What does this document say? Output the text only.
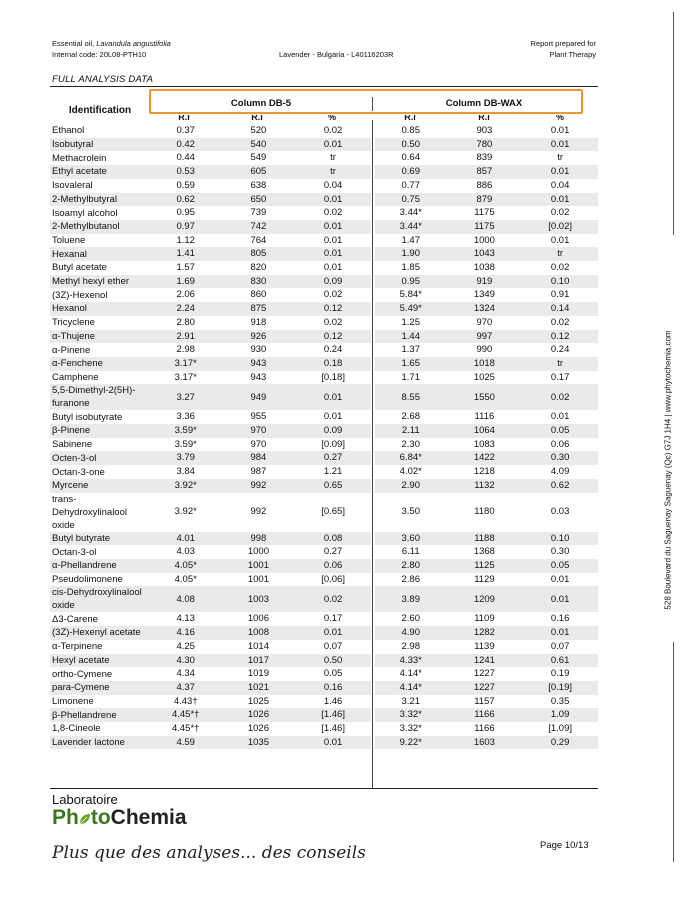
Essential oil, Lavandula angustifolia
Internal code: 20L08-PTH10	Lavender - Bulgaria - L40116203R
Report prepared for
Plant Therapy
FULL ANALYSIS DATA
Identification
Column DB-5	Column DB-WAX
R.I	R.I	%	R.I	R.I	%
Ethanol	0.37	520	0.02		0.85	903	0.01
Isobutyral	0.42	540	0.01		0.50	780	0.01
Methacrolein	0.44	549	tr		0.64	839	tr
Ethyl acetate	0.53	605	tr		0.69	857	0.01
Isovaleral	0.59	638	0.04		0.77	886	0.04
2-Methylbutyral	0.62	650	0.01		0.75	879	0.01
Isoamyl alcohol	0.95	739	0.02		3.44*	1175	0.02
2-Methylbutanol	0.97	742	0.01		3.44*	1175	[0.02]
Toluene	1.12	764	0.01		1.47	1000	0.01
Hexanal	1.41	805	0.01		1.90	1043	tr
Butyl acetate	1.57	820	0.01		1.85	1038	0.02
Methyl hexyl ether	1.69	830	0.09		0.95	919	0.10
(3Z)-Hexenol	2.06	860	0.02		5.84*	1349	0.91
Hexanol	2.24	875	0.12		5.49*	1324	0.14
Tricyclene	2.80	918	0.02		1.25	970	0.02
α-Thujene	2.91	926	0.12		1.44	997	0.12
α-Pinene	2.98	930	0.24		1.37	990	0.24
α-Fenchene	3.17*	943	0.18		1.65	1018	tr
Camphene	3.17*	943	[0.18]		1.71	1025	0.17
5,5-Dimethyl-2(5H)-furanone	3.27	949	0.01		8.55	1550	0.02
Butyl isobutyrate	3.36	955	0.01		2.68	1116	0.01
β-Pinene	3.59*	970	0.09		2.11	1064	0.05
Sabinene	3.59*	970	[0.09]		2.30	1083	0.06
Octen-3-ol	3.79	984	0.27		6.84*	1422	0.30
Octan-3-one	3.84	987	1.21		4.02*	1218	4.09
Myrcene	3.92*	992	0.65		2.90	1132	0.62
trans-Dehydroxylinalool oxide	3.92*	992	[0.65]		3.50	1180	0.03
Butyl butyrate	4.01	998	0.08		3.60	1188	0.10
Octan-3-ol	4.03	1000	0.27		6.11	1368	0.30
α-Phellandrene	4.05*	1001	0.06		2.80	1125	0.05
Pseudolimonene	4.05*	1001	[0.06]		2.86	1129	0.01
cis-Dehydroxylinalool oxide	4.08	1003	0.02		3.89	1209	0.01
Δ3-Carene	4.13	1006	0.17		2.60	1109	0.16
(3Z)-Hexenyl acetate	4.16	1008	0.01		4.90	1282	0.01
α-Terpinene	4.25	1014	0.07		2.98	1139	0.07
Hexyl acetate	4.30	1017	0.50		4.33*	1241	0.61
ortho-Cymene	4.34	1019	0.05		4.14*	1227	0.19
para-Cymene	4.37	1021	0.16		4.14*	1227	[0.19]
Limonene	4.43†	1025	1.46		3.21	1157	0.35
β-Phellandrene	4.45*†	1026	[1.46]		3.32*	1166	1.09
1,8-Cineole	4.45*†	1026	[1.46]		3.32*	1166	[1.09]
Lavender lactone	4.59	1035	0.01		9.22*	1603	0.29
Laboratoire
Ph toChemia
Plus que des analyses... des conseils	Page 10/13
528 Boulevard du Saguenay Saguenay (Qc) G7J 1H4 | www.phytochemia.com
